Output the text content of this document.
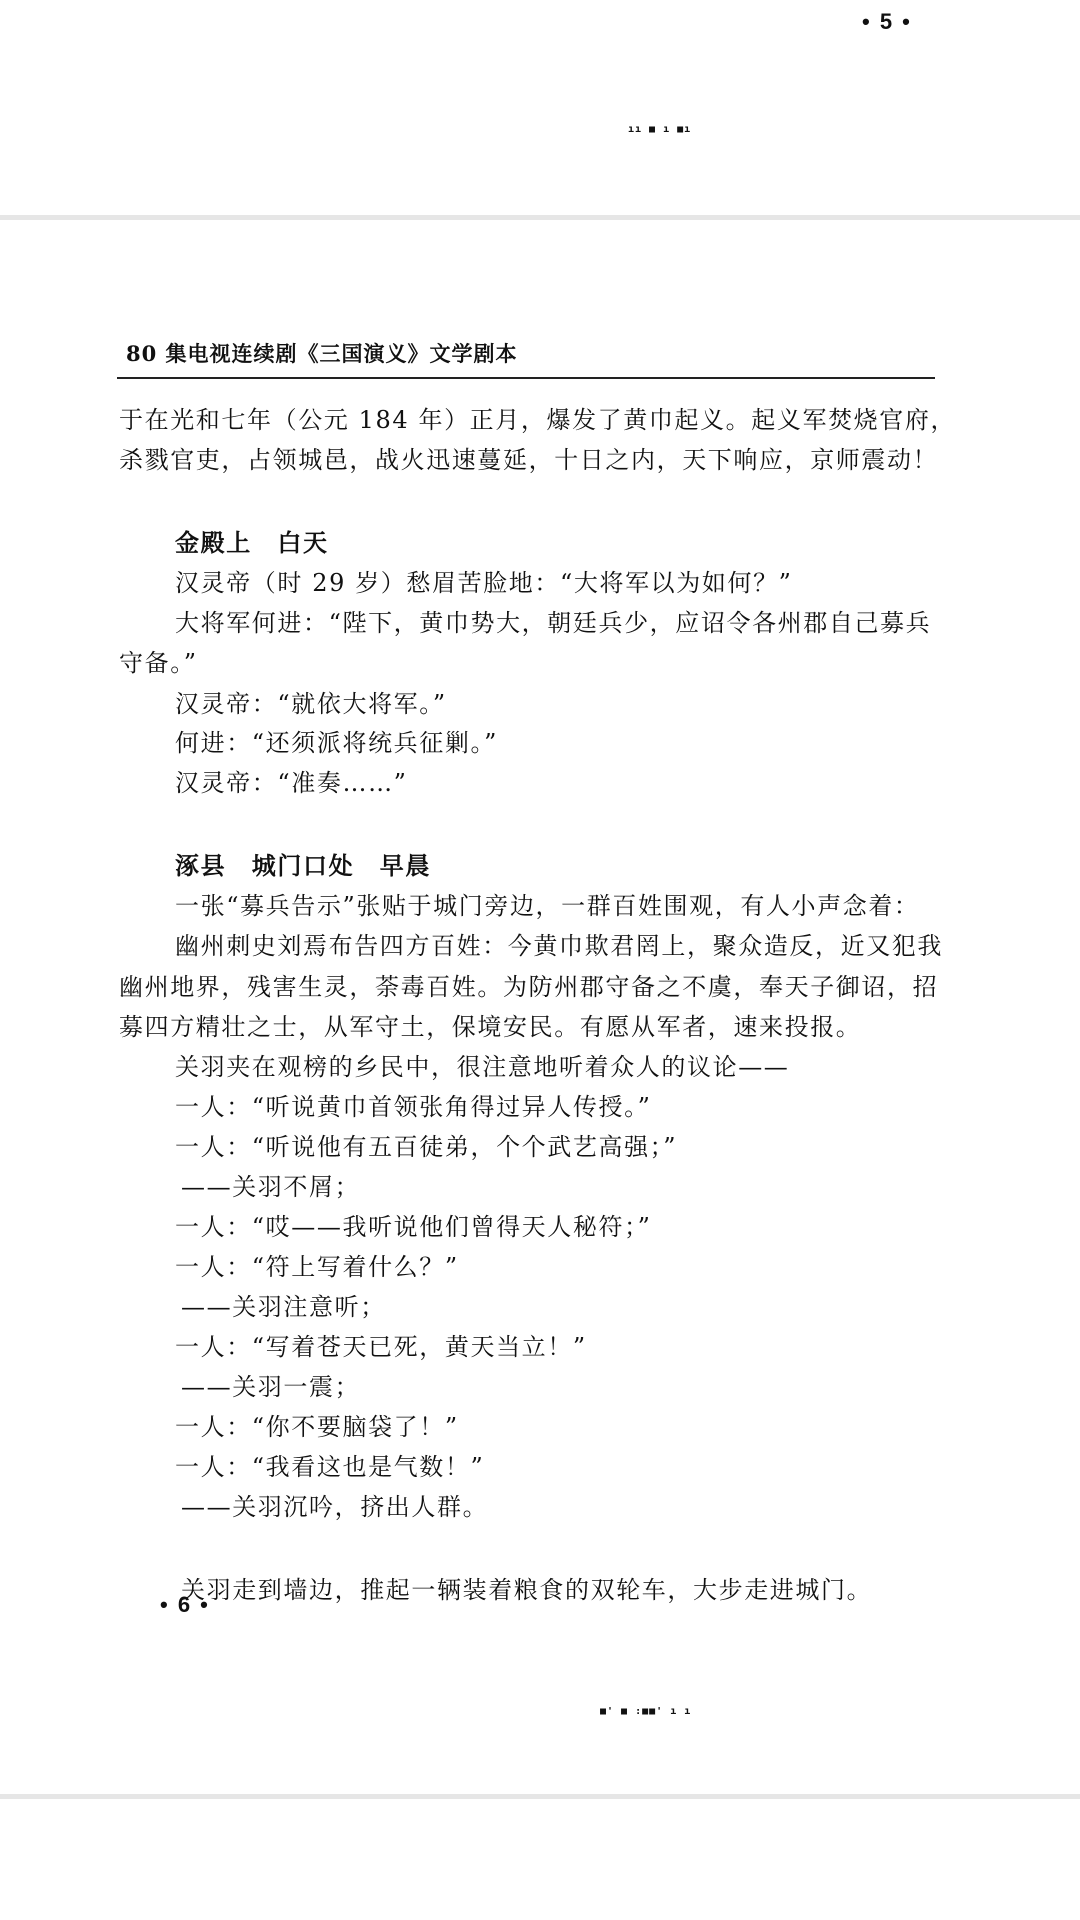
• 5 •
ıı ■ ı ■ı
80 集电视连续剧《三国演义》文学剧本
于在光和七年（公元 184 年）正月，爆发了黄巾起义。起义军焚烧官府，
杀戮官吏，占领城邑，战火迅速蔓延，十日之内，天下响应，京师震动！
金殿上　白天
汉灵帝（时 29 岁）愁眉苦脸地：“大将军以为如何？”
大将军何进：“陛下，黄巾势大，朝廷兵少，应诏令各州郡自己募兵
守备。”
汉灵帝：“就依大将军。”
何进：“还须派将统兵征剿。”
汉灵帝：“准奏……”
涿县　城门口处　早晨
一张“募兵告示”张贴于城门旁边，一群百姓围观，有人小声念着：
幽州刺史刘焉布告四方百姓：今黄巾欺君罔上，聚众造反，近又犯我
幽州地界，残害生灵，荼毒百姓。为防州郡守备之不虞，奉天子御诏，招
募四方精壮之士，从军守土，保境安民。有愿从军者，速来投报。
关羽夹在观榜的乡民中，很注意地听着众人的议论——
一人：“听说黄巾首领张角得过异人传授。”
一人：“听说他有五百徒弟，个个武艺高强；”
——关羽不屑；
一人：“哎——我听说他们曾得天人秘符；”
一人：“符上写着什么？”
——关羽注意听；
一人：“写着苍天已死，黄天当立！”
——关羽一震；
一人：“你不要脑袋了！”
一人：“我看这也是气数！”
——关羽沉吟，挤出人群。
关羽走到墙边，推起一辆装着粮食的双轮车，大步走进城门。
• 6 •
■' ■ :■■' ı ı
